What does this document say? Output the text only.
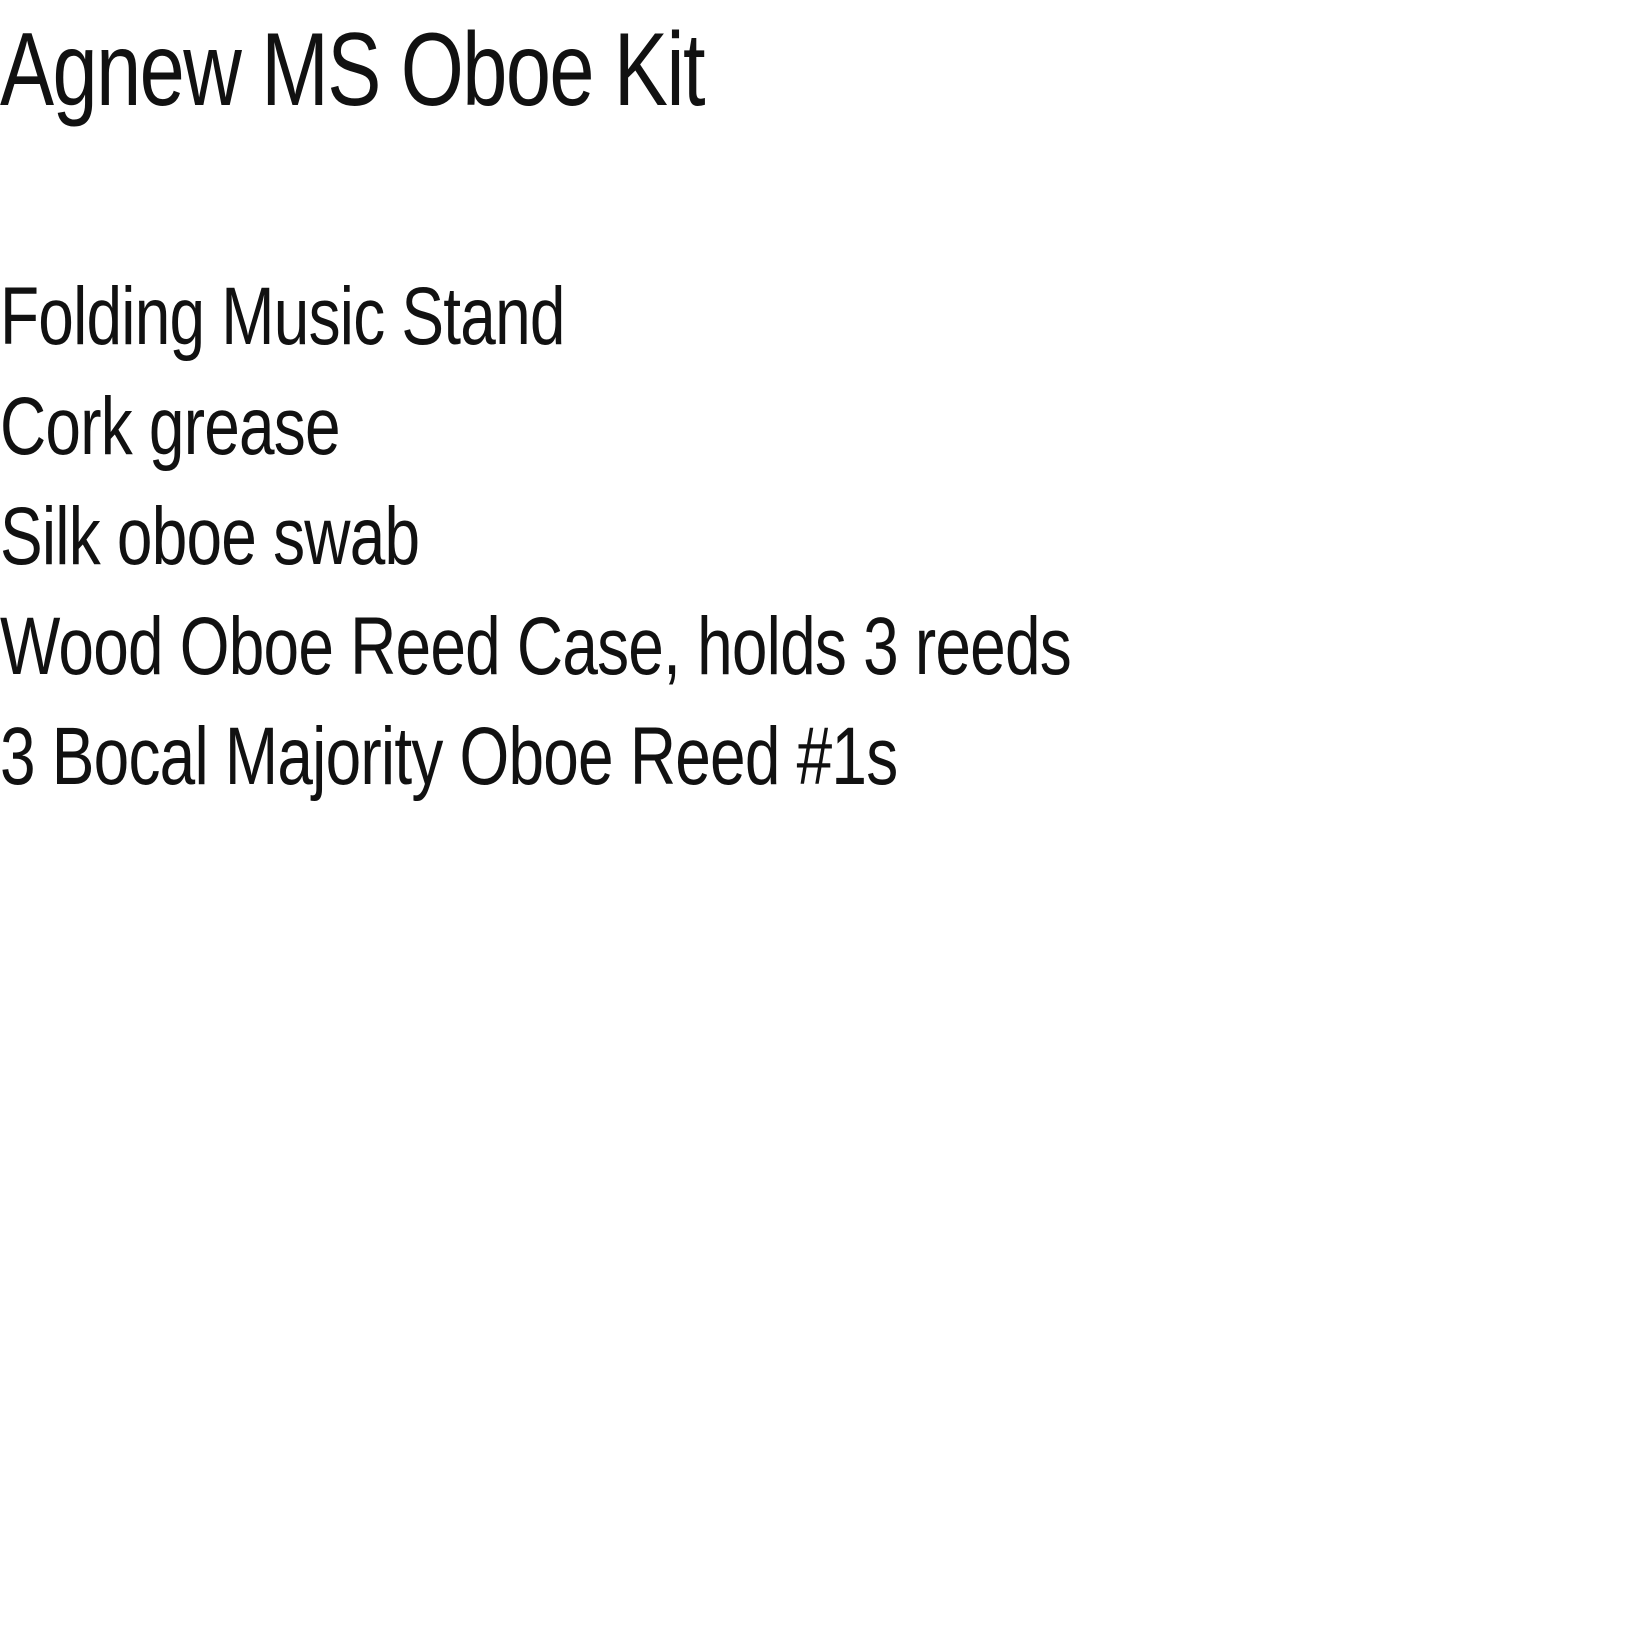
Agnew MS Oboe Kit
Folding Music Stand
Cork grease
Silk oboe swab
Wood Oboe Reed Case, holds 3 reeds
3 Bocal Majority Oboe Reed #1s
